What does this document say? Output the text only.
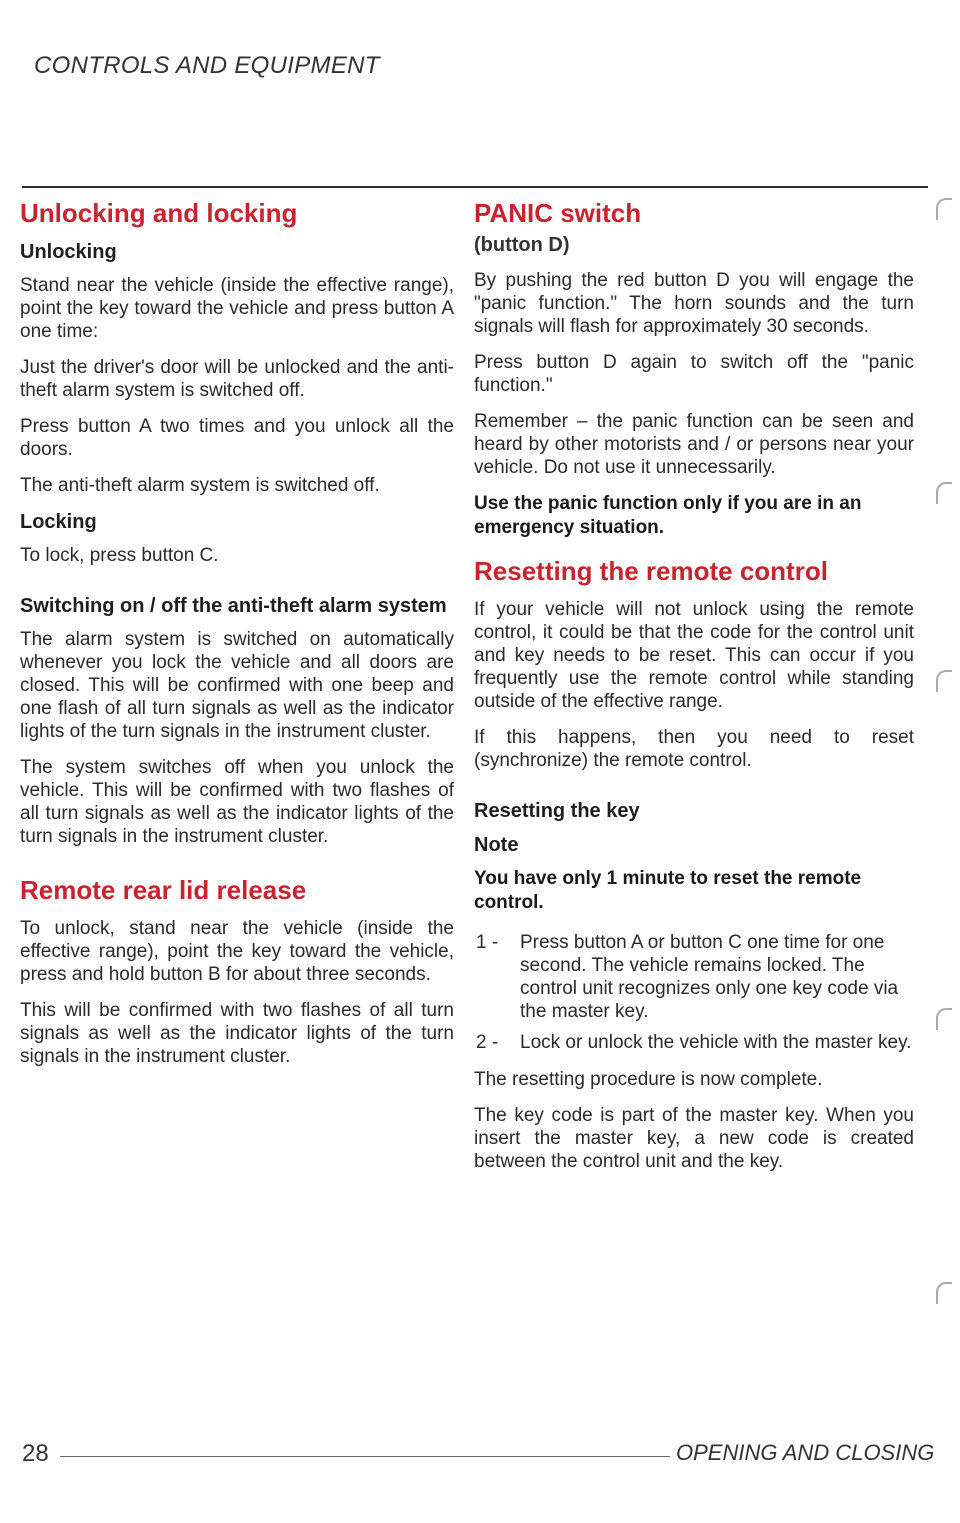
CONTROLS AND EQUIPMENT
Unlocking and locking
Unlocking

Stand near the vehicle (inside the effective range), point the key toward the vehicle and press button A one time:

Just the driver's door will be unlocked and the anti-theft alarm system is switched off.

Press button A two times and you unlock all the doors.

The anti-theft alarm system is switched off.

Locking

To lock, press button C.

Switching on / off the anti-theft alarm system

The alarm system is switched on automatically whenever you lock the vehicle and all doors are closed. This will be confirmed with one beep and one flash of all turn signals as well as the indicator lights of the turn signals in the instrument cluster.

The system switches off when you unlock the vehicle. This will be confirmed with two flashes of all turn signals as well as the indicator lights of the turn signals in the instrument cluster.

Remote rear lid release

To unlock, stand near the vehicle (inside the effective range), point the key toward the vehicle, press and hold button B for about three seconds.

This will be confirmed with two flashes of all turn signals as well as the indicator lights of the turn signals in the instrument cluster.

PANIC switch
(button D)

By pushing the red button D you will engage the "panic function." The horn sounds and the turn signals will flash for approximately 30 seconds.

Press button D again to switch off the "panic function."

Remember – the panic function can be seen and heard by other motorists and / or persons near your vehicle. Do not use it unnecessarily.

Use the panic function only if you are in an emergency situation.
Resetting the remote control

If your vehicle will not unlock using the remote control, it could be that the code for the control unit and key needs to be reset. This can occur if you frequently use the remote control while standing outside of the effective range.

If this happens, then you need to reset (synchronize) the remote control.

Resetting the key
Note
You have only 1 minute to reset the remote control.
1 - Press button A or button C one time for one second. The vehicle remains locked. The control unit recognizes only one key code via the master key.
2 - Lock or unlock the vehicle with the master key.

The resetting procedure is now complete.

The key code is part of the master key. When you insert the master key, a new code is created between the control unit and the key.

28	OPENING AND CLOSING
